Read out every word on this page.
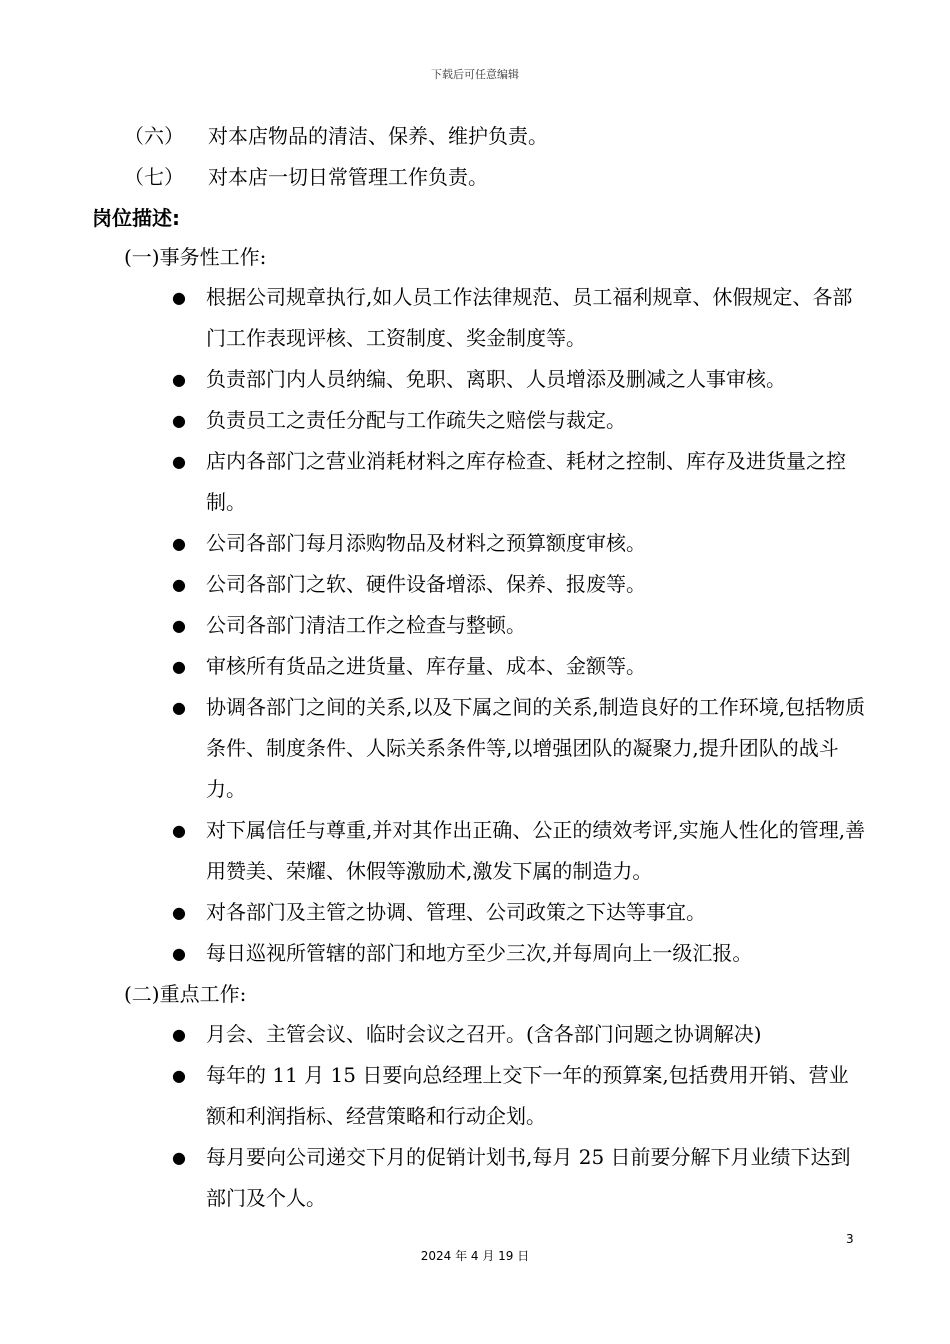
下载后可任意编辑
（六） 对本店物品的清洁、保养、维护负责。
（七） 对本店一切日常管理工作负责。
岗位描述:
(一)事务性工作:
● 根据公司规章执行,如人员工作法律规范、员工福利规章、休假规定、各部门工作表现评核、工资制度、奖金制度等。
● 负责部门内人员纳编、免职、离职、人员增添及删减之人事审核。
● 负责员工之责任分配与工作疏失之赔偿与裁定。
● 店内各部门之营业消耗材料之库存检查、耗材之控制、库存及进货量之控制。
● 公司各部门每月添购物品及材料之预算额度审核。
● 公司各部门之软、硬件设备增添、保养、报废等。
● 公司各部门清洁工作之检查与整顿。
● 审核所有货品之进货量、库存量、成本、金额等。
● 协调各部门之间的关系,以及下属之间的关系,制造良好的工作环境,包括物质条件、制度条件、人际关系条件等,以增强团队的凝聚力,提升团队的战斗力。
● 对下属信任与尊重,并对其作出正确、公正的绩效考评,实施人性化的管理,善用赞美、荣耀、休假等激励术,激发下属的制造力。
● 对各部门及主管之协调、管理、公司政策之下达等事宜。
● 每日巡视所管辖的部门和地方至少三次,并每周向上一级汇报。
(二)重点工作:
● 月会、主管会议、临时会议之召开。(含各部门问题之协调解决)
● 每年的 11 月 15 日要向总经理上交下一年的预算案,包括费用开销、营业额和利润指标、经营策略和行动企划。
● 每月要向公司递交下月的促销计划书,每月 25 日前要分解下月业绩下达到部门及个人。
3
2024 年 4 月 19 日
